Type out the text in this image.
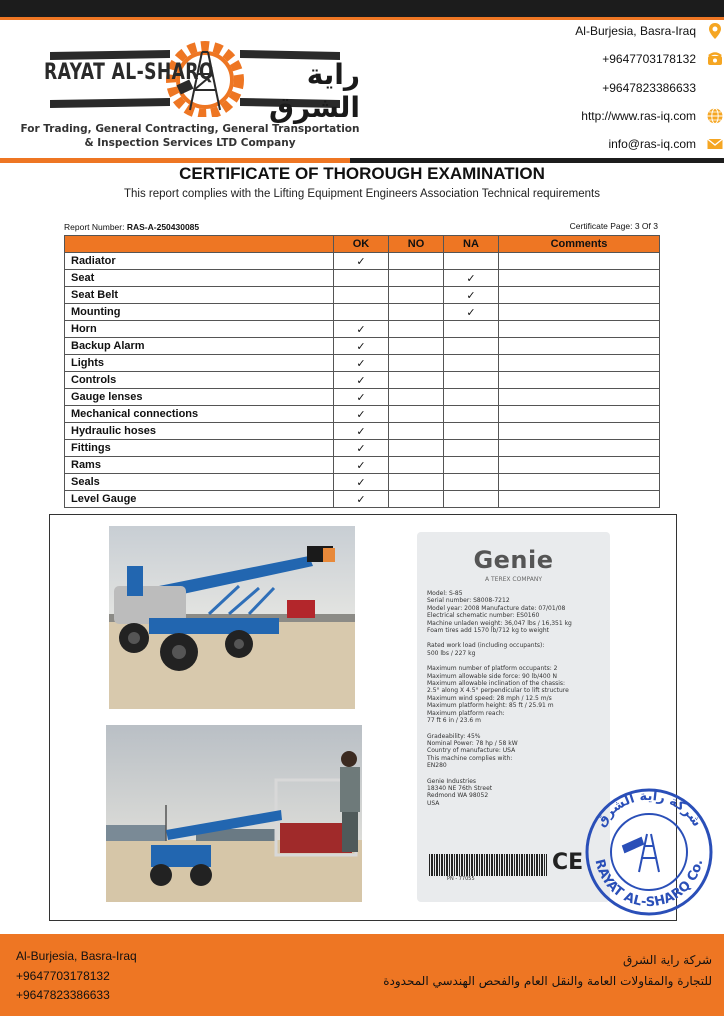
RAYAT AL-SHARQ	راية الشرق
For Trading, General Contracting, General Transportation
& Inspection Services LTD Company
Al-Burjesia, Basra-Iraq
+9647703178132
+9647823386633
http://www.ras-iq.com
info@ras-iq.com
CERTIFICATE OF THOROUGH EXAMINATION
This report complies with the Lifting Equipment Engineers Association Technical requirements
Report Number: RAS-A-250430085	Certificate Page: 3 Of 3
	OK	NO	NA	Comments
Radiator	✓			
Seat			✓	
Seat Belt			✓	
Mounting			✓	
Horn	✓			
Backup Alarm	✓			
Lights	✓			
Controls	✓			
Gauge lenses	✓			
Mechanical connections	✓			
Hydraulic hoses	✓			
Fittings	✓			
Rams	✓			
Seals	✓			
Level Gauge	✓			
Genie
A TEREX COMPANY
Model: S-85
Serial number: S8008-7212
Model year: 2008 Manufacture date: 07/01/08
Electrical schematic number: ES0160
Machine unladen weight: 36,047 lbs / 16,351 kg
Foam tires add 1570 lb/712 kg to weight
Rated work load (including occupants):
500 lbs / 227 kg
Maximum number of platform occupants: 2
Maximum allowable side force: 90 lb/400 N
Maximum allowable inclination of the chassis:
2.5° along X 4.5° perpendicular to lift structure
Maximum wind speed: 28 mph / 12.5 m/s
Maximum platform height: 85 ft / 25.91 m
Maximum platform reach:
77 ft 6 in / 23.6 m
Gradeability: 45%
Nominal Power: 78 hp / 58 kW
Country of manufacture: USA
This machine complies with:
EN280
Genie Industries
18340 NE 76th Street
Redmond WA 98052
USA
PN - 77055
CE
شركة راية الشرق
RAYAT AL-SHARQ Co.
Al-Burjesia, Basra-Iraq
+9647703178132
+9647823386633
شركة راية الشرق
للتجارة والمقاولات العامة والنقل العام والفحص الهندسي المحدودة
